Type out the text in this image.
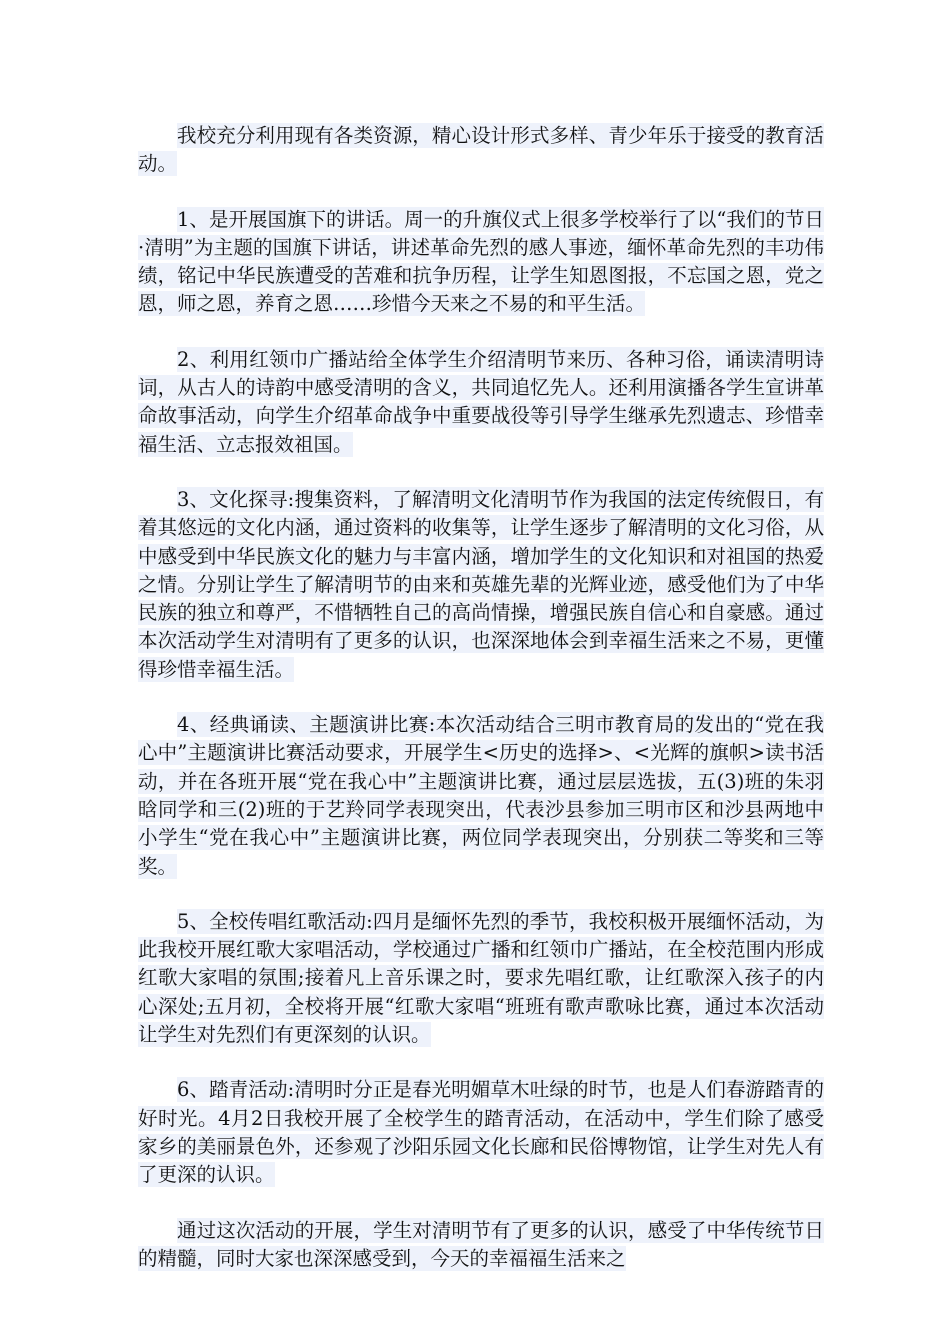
我校充分利用现有各类资源，精心设计形式多样、青少年乐于接受的教育活动。

1、是开展国旗下的讲话。周一的升旗仪式上很多学校举行了以“我们的节日·清明”为主题的国旗下讲话，讲述革命先烈的感人事迹，缅怀革命先烈的丰功伟绩，铭记中华民族遭受的苦难和抗争历程，让学生知恩图报，不忘国之恩，党之恩，师之恩，养育之恩……珍惜今天来之不易的和平生活。

2、利用红领巾广播站给全体学生介绍清明节来历、各种习俗，诵读清明诗词，从古人的诗韵中感受清明的含义，共同追忆先人。还利用演播各学生宣讲革命故事活动，向学生介绍革命战争中重要战役等引导学生继承先烈遗志、珍惜幸福生活、立志报效祖国。

3、文化探寻:搜集资料，了解清明文化清明节作为我国的法定传统假日，有着其悠远的文化内涵，通过资料的收集等，让学生逐步了解清明的文化习俗，从中感受到中华民族文化的魅力与丰富内涵，增加学生的文化知识和对祖国的热爱之情。分别让学生了解清明节的由来和英雄先辈的光辉业迹，感受他们为了中华民族的独立和尊严，不惜牺牲自己的高尚情操，增强民族自信心和自豪感。通过本次活动学生对清明有了更多的认识，也深深地体会到幸福生活来之不易，更懂得珍惜幸福生活。

4、经典诵读、主题演讲比赛:本次活动结合三明市教育局的发出的“党在我心中”主题演讲比赛活动要求，开展学生<历史的选择>、<光辉的旗帜>读书活动，并在各班开展“党在我心中”主题演讲比赛，通过层层选拔，五(3)班的朱羽晗同学和三(2)班的于艺羚同学表现突出，代表沙县参加三明市区和沙县两地中小学生“党在我心中”主题演讲比赛，两位同学表现突出，分别获二等奖和三等奖。

5、全校传唱红歌活动:四月是缅怀先烈的季节，我校积极开展缅怀活动，为此我校开展红歌大家唱活动，学校通过广播和红领巾广播站，在全校范围内形成红歌大家唱的氛围;接着凡上音乐课之时，要求先唱红歌，让红歌深入孩子的内心深处;五月初，全校将开展“红歌大家唱“班班有歌声歌咏比赛，通过本次活动让学生对先烈们有更深刻的认识。

6、踏青活动:清明时分正是春光明媚草木吐绿的时节，也是人们春游踏青的好时光。4月2日我校开展了全校学生的踏青活动，在活动中，学生们除了感受家乡的美丽景色外，还参观了沙阳乐园文化长廊和民俗博物馆，让学生对先人有了更深的认识。

通过这次活动的开展，学生对清明节有了更多的认识，感受了中华传统节日的精髓，同时大家也深深感受到，今天的幸福福生活来之
